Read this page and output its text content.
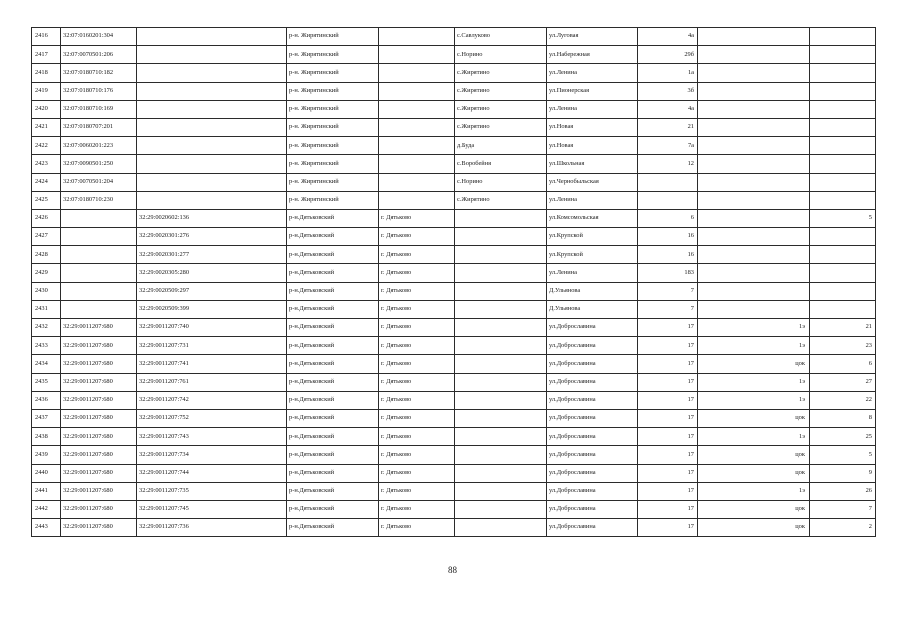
2416	32:07:0160201:304		р-н. Жирятинский		с.Савлуково	ул.Луговая	4а		
2417	32:07:0070501:206		р-н. Жирятинский		с.Норино	ул.Набережная	29б		
2418	32:07:0180710:182		р-н. Жирятинский		с.Жирятино	ул.Ленина	1а		
2419	32:07:0180710:176		р-н. Жирятинский		с.Жирятино	ул.Пионерская	3б		
2420	32:07:0180710:169		р-н. Жирятинский		с.Жирятино	ул.Ленина	4а		
2421	32:07:0180707:201		р-н. Жирятинский		с.Жирятино	ул.Новая	21		
2422	32:07:0060201:223		р-н. Жирятинский		д.Буда	ул.Новая	7а		
2423	32:07:0090501:250		р-н. Жирятинский		с.Воробейня	ул.Школьная	12		
2424	32:07:0070501:204		р-н. Жирятинский		с.Норино	ул.Чернобыльская			
2425	32:07:0180710:230		р-н. Жирятинский		с.Жирятино	ул.Ленина			
2426		32:29:0020602:136	р-н.Дятьковский	г. Дятьково		ул.Комсомольская	6		5
2427		32:29:0020301:276	р-н.Дятьковский	г. Дятьково		ул.Крупской	16		
2428		32:29:0020301:277	р-н.Дятьковский	г. Дятьково		ул.Крупской	16		
2429		32:29:0020305:280	р-н.Дятьковский	г. Дятьково		ул.Ленина	183		
2430		32:29:0020509:297	р-н.Дятьковский	г. Дятьково		Д.Ульянова	7		
2431		32:29:0020509:399	р-н.Дятьковский	г. Дятьково		Д.Ульянова	7		
2432	32:29:0011207:680	32:29:0011207:740	р-н.Дятьковский	г. Дятьково		ул.Доброславина	17	1э	21
2433	32:29:0011207:680	32:29:0011207:731	р-н.Дятьковский	г. Дятьково		ул.Доброславина	17	1э	23
2434	32:29:0011207:680	32:29:0011207:741	р-н.Дятьковский	г. Дятьково		ул.Доброславина	17	цок	6
2435	32:29:0011207:680	32:29:0011207:761	р-н.Дятьковский	г. Дятьково		ул.Доброславина	17	1э	27
2436	32:29:0011207:680	32:29:0011207:742	р-н.Дятьковский	г. Дятьково		ул.Доброславина	17	1э	22
2437	32:29:0011207:680	32:29:0011207:752	р-н.Дятьковский	г. Дятьково		ул.Доброславина	17	цок	8
2438	32:29:0011207:680	32:29:0011207:743	р-н.Дятьковский	г. Дятьково		ул.Доброславина	17	1э	25
2439	32:29:0011207:680	32:29:0011207:734	р-н.Дятьковский	г. Дятьково		ул.Доброславина	17	цок	5
2440	32:29:0011207:680	32:29:0011207:744	р-н.Дятьковский	г. Дятьково		ул.Доброславина	17	цок	9
2441	32:29:0011207:680	32:29:0011207:735	р-н.Дятьковский	г. Дятьково		ул.Доброславина	17	1э	26
2442	32:29:0011207:680	32:29:0011207:745	р-н.Дятьковский	г. Дятьково		ул.Доброславина	17	цок	7
2443	32:29:0011207:680	32:29:0011207:736	р-н.Дятьковский	г. Дятьково		ул.Доброславина	17	цок	2
88
